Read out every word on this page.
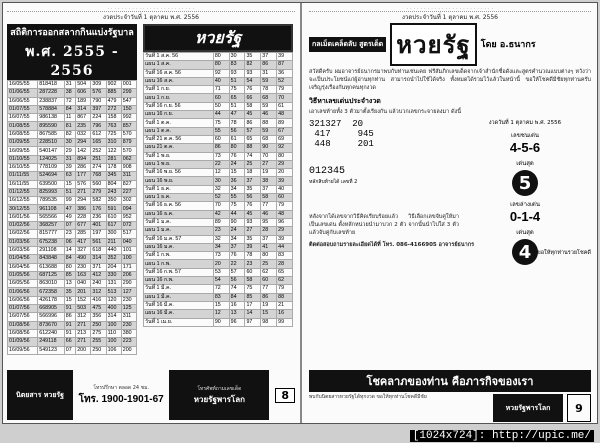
· · · · · · · · · · · · · · · · · · · · · · · · ·
งวดประจำวันที่ 1 ตุลาคม พ.ศ. 2556
สถิติการออกสลากกินแบ่งรัฐบาล
พ.ศ. 2555 - 2556
16/05/55	818418	31	504	309	902	001
01/06/55	287228	38	606	576	885	299
16/06/55	238837	72	189	790	479	547
01/07/55	578884	84	314	397	272	150
16/07/55	986138	11	867	224	158	992
01/08/55	895590	81	235	796	763	857
16/08/55	867585	82	032	612	725	570
01/09/55	228510	30	294	165	310	879
16/09/55	540147	29	142	252	122	570
01/10/55	124025	31	894	251	281	062
16/10/55	778109	39	286	274	178	908
01/11/55	524694	63	177	768	345	311
16/11/55	639500	15	576	560	804	827
01/12/55	825993	51	271	279	243	227
16/12/55	789535	99	294	582	350	302
30/12/55	961108	47	386	176	591	094
16/01/56	565566	49	228	236	610	952
01/02/56	368257	07	677	401	617	072
16/02/56	815777	23	285	197	300	517
01/03/56	675238	06	417	561	211	040
16/03/56	291108	14	327	618	440	101
01/04/56	843848	84	490	314	352	100
16/04/56	613688	80	230	371	204	171
01/05/56	687125	85	163	412	330	206
16/05/56	863010	13	040	240	131	290
01/06/56	672358	35	201	312	513	127
16/06/56	426178	15	152	416	120	230
01/07/56	668905	91	503	475	400	125
16/07/56	566996	86	312	356	314	311
01/08/56	873670	91	271	250	100	230
16/08/56	612240	91	213	275	110	380
01/09/56	249118	66	271	255	100	223
16/09/56	549123	07	200	250	106	200
หวยรัฐ
วันที่ 1 ส.ค. 56	80	30	35	37	39
แผน 1 ส.ค.	80	83	82	86	87
วันที่ 16 ส.ค. 56	92	93	93	31	36
แผน 16 ส.ค.	40	51	54	59	52
วันที่ 1 ก.ย.	71	75	76	78	79
แผน 1 ก.ย.	60	65	66	68	70
วันที่ 16 ก.ย. 56	50	51	58	59	61
แผน 16 ก.ย.	44	47	45	46	48
วันที่ 1 ต.ค.	75	78	86	88	89
แผน 1 ต.ค.	55	56	57	59	67
วันที่ 21 ต.ค. 56	60	61	65	68	69
แผน 21 ต.ค.	86	80	88	90	92
วันที่ 1 พ.ย.	73	76	74	70	80
แผน 1 พ.ย.	22	24	25	27	29
วันที่ 16 พ.ย. 56	12	15	18	19	20
แผน 16 พ.ย.	30	36	37	38	39
วันที่ 1 ธ.ค.	32	34	35	37	40
แผน 1 ธ.ค.	52	55	56	58	60
วันที่ 16 ธ.ค. 56	70	75	76	77	79
แผน 16 ธ.ค.	42	44	45	46	48
วันที่ 1 ม.ค.	89	90	93	95	96
แผน 1 ม.ค.	23	24	27	28	29
วันที่ 16 ม.ค. 57	32	34	35	37	39
แผน 16 ม.ค.	34	37	39	41	44
วันที่ 1 ก.พ.	73	76	78	80	83
แผน 1 ก.พ.	20	22	23	25	28
วันที่ 16 ก.พ. 57	53	57	60	62	65
แผน 16 ก.พ.	54	56	58	60	62
วันที่ 1 มี.ค.	72	74	75	77	79
แผน 1 มี.ค.	83	84	85	86	88
วันที่ 16 มี.ค.	15	16	17	19	21
แผน 16 มี.ค.	12	13	14	15	16
วันที่ 1 เม.ย.	90	96	97	98	99
นิตยสาร หวยรัฐ
โทรปรึกษา ตลอด 24 ชม.
โทร. 1900-1901-67
โทรศัพท์ถามเลขเด็ด
หวยรัฐพารโลก	8
· · · · · · · · · · · · · · · · · · · · · · · · ·
งวดประจำวันที่ 1 ตุลาคม พ.ศ. 2556
กลเม็ดเคล็ดลับ สูตรเด็ด หวยรัฐ	โดย อ.ธนากร
สวัสดีครับ ผมอาจารย์ธนากรมาพบกับท่านเช่นเคย ฟรีสัมภิกเลขเด็ดจากเจ้าสำนักชื่อดังและสูตรคำนวณแบบต่างๆ หวังว่าจะเป็นประโยชน์แก่ผู้อ่านทุกท่าน สามารถนำไปใช้ได้จริง ทั้งหมดได้รวมไว้แล้วในหน้านี้ ขอให้โชคดีมีชัยทุกท่านครับ เจริญรุ่งเรืองกันทุกคนทุกงวด
วิธีหาเลขเด่นประจำงวด
เอาเลขท้ายทั้ง 3 ตัวมาตั้งเรียงกัน แล้วบวกเลขกระจายลงมา ดังนี้
321327  20
417     945
448     201
012345
หลักสิบท้ายได้ เลขที่ 2
งวดวันที่ 1 ตุลาคม พ.ศ. 2556
เลขชนเด่น
4-5-6
เด่นสุด
5
เลขล่างเด่น
0-1-4
เด่นสุด
4
หลังจากได้เลขจากวิธีคิดเรียบร้อยแล้ว วิธีเลือกเลขจับคู่ให้มาเป็นเลขเด่น ตั้งหลักหน่วยนำมาบวก 2 ตัว จากนั้นนำไปใส่ 3 ตัว แล้วจับคู่กับเลขท้าย
ติดต่อสอบถามรายละเอียดได้ที่ โทร. 086-4166905 อาจารย์ธนากร
ขอให้ทุกท่านรวยโชคดี
โชคลาภของท่าน คือภารกิจของเรา
พบกับนิตยสารหวยรัฐได้ทุกงวด ขอให้ทุกท่านโชคดีมีชัย
หวยรัฐพารโลก	9
[1024x724]: http://upic.me/
